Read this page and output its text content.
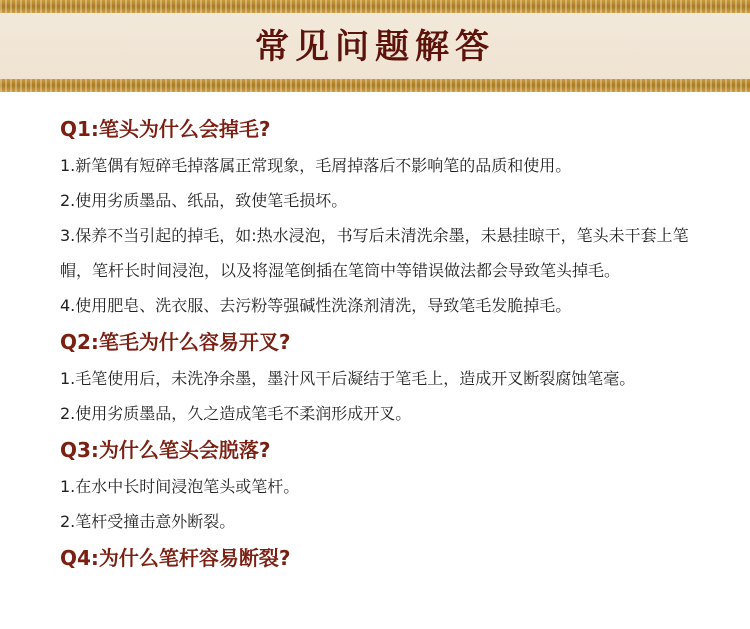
常见问题解答
Q1:笔头为什么会掉毛?
1.新笔偶有短碎毛掉落属正常现象，毛屑掉落后不影响笔的品质和使用。
2.使用劣质墨品、纸品，致使笔毛损坏。
3.保养不当引起的掉毛，如:热水浸泡，书写后未清洗余墨，未悬挂晾干，笔头未干套上笔帽，笔杆长时间浸泡，以及将湿笔倒插在笔筒中等错误做法都会导致笔头掉毛。
4.使用肥皂、洗衣服、去污粉等强碱性洗涤剂清洗，导致笔毛发脆掉毛。
Q2:笔毛为什么容易开叉?
1.毛笔使用后，未洗净余墨，墨汁风干后凝结于笔毛上，造成开叉断裂腐蚀笔毫。
2.使用劣质墨品，久之造成笔毛不柔润形成开叉。
Q3:为什么笔头会脱落?
1.在水中长时间浸泡笔头或笔杆。
2.笔杆受撞击意外断裂。
Q4:为什么笔杆容易断裂?
